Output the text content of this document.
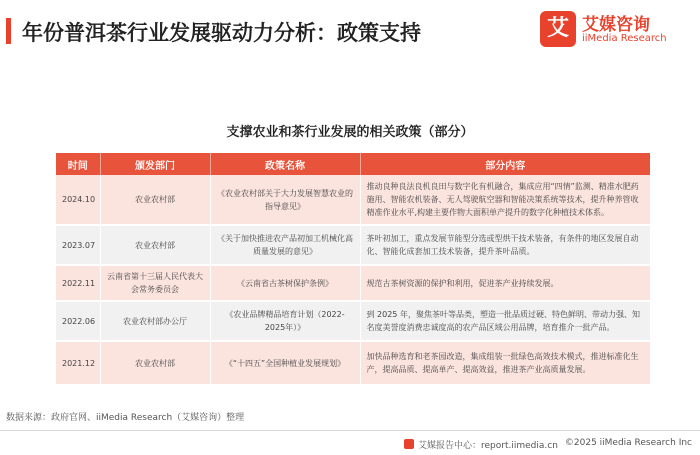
年份普洱茶行业发展驱动力分析：政策支持	艾 艾媒咨询
iiMedia Research
支撑农业和茶行业发展的相关政策（部分）
时间	颁发部门	政策名称	部分内容
2024.10	农业农村部	《农业农村部关于大力发展智慧农业的指导意见》	推动良种良法良机良田与数字化有机融合，集成应用“四情”监测、精准水肥药施用、智能农机装备、无人驾驶航空器和智能决策系统等技术，提升种养管收精准作业水平,构建主要作物大面积单产提升的数字化种植技术体系。
2023.07	农业农村部	《关于加快推进农产品初加工机械化高质量发展的意见》	茶叶初加工，重点发展节能型分选或型烘干技术装备，有条件的地区发展自动化、智能化成套加工技术装备，提升茶叶品质。
2022.11	云南省第十三届人民代表大会常务委员会	《云南省古茶树保护条例》	规范古茶树资源的保护和利用，促进茶产业持续发展。
2022.06	农业农村部办公厅	《农业品牌精品培育计划（2022-2025年）》	到 2025 年，聚焦茶叶等品类，塑造一批品质过硬、特色鲜明、带动力强、知名度美誉度消费忠诚度高的农产品区域公用品牌，培育推介一批产品。
2021.12	农业农村部	《“十四五”全国种植业发展规划》	加快品种选育和老茶园改造，集成组装一批绿色高效技术模式，推进标准化生产，提高品质、提高单产、提高效益，推进茶产业高质量发展。
数据来源：政府官网、iiMedia Research（艾媒咨询）整理
艾媒报告中心：report.iimedia.cn ©2025 iiMedia Research Inc
